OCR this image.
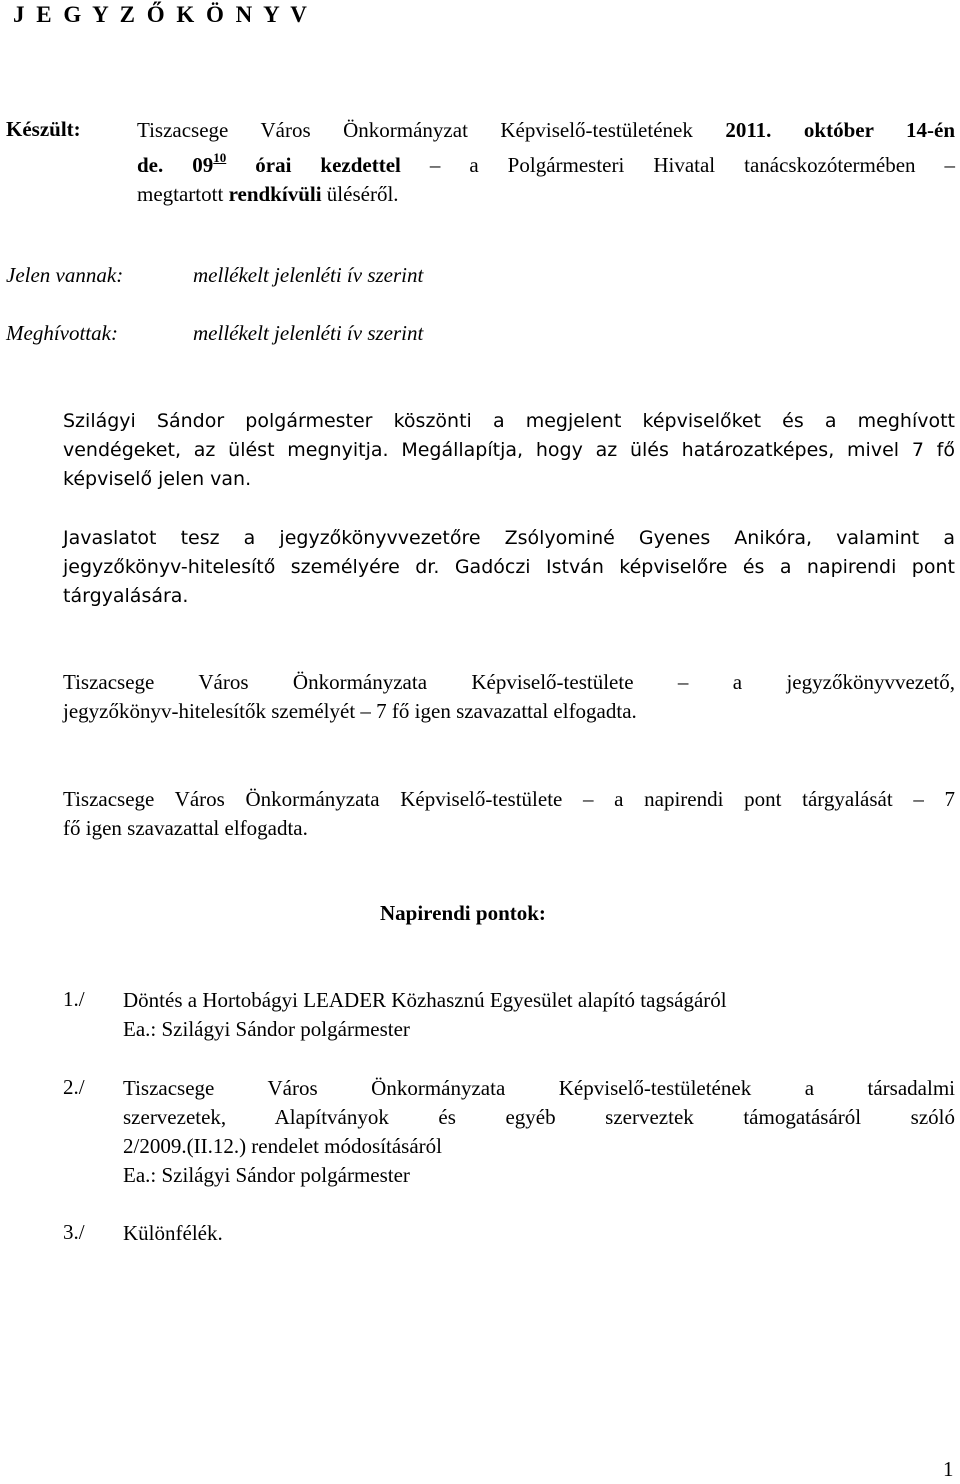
J E G Y Z Ő K Ö N Y V
Készült:	Tiszacsege Város Önkormányzat Képviselő-testületének 2011. október 14-én
de. $09^{10}$ órai kezdettel – a Polgármesteri Hivatal tanácskozótermében –
megtartott rendkívüli üléséről.
Jelen vannak:	mellékelt jelenléti ív szerint
Meghívottak:	mellékelt jelenléti ív szerint
Szilágyi Sándor polgármester köszönti a megjelent képviselőket és a meghívott
vendégeket, az ülést megnyitja. Megállapítja, hogy az ülés határozatképes, mivel 7 fő
képviselő jelen van.
Javaslatot tesz a jegyzőkönyvvezetőre Zsólyominé Gyenes Anikóra, valamint a
jegyzőkönyv-hitelesítő személyére dr. Gadóczi István képviselőre és a napirendi pont
tárgyalására.
Tiszacsege Város Önkormányzata Képviselő-testülete – a jegyzőkönyvvezető,
jegyzőkönyv-hitelesítők személyét – 7 fő igen szavazattal elfogadta.
Tiszacsege Város Önkormányzata Képviselő-testülete – a napirendi pont tárgyalását – 7
fő igen szavazattal elfogadta.
Napirendi pontok:
1./ Döntés a Hortobágyi LEADER Közhasznú Egyesület alapító tagságáról
Ea.: Szilágyi Sándor polgármester
2./ Tiszacsege Város Önkormányzata Képviselő-testületének a társadalmi
szervezetek, Alapítványok és egyéb szerveztek támogatásáról szóló
2/2009.(II.12.) rendelet módosításáról
Ea.: Szilágyi Sándor polgármester
3./ Különfélék.
1
